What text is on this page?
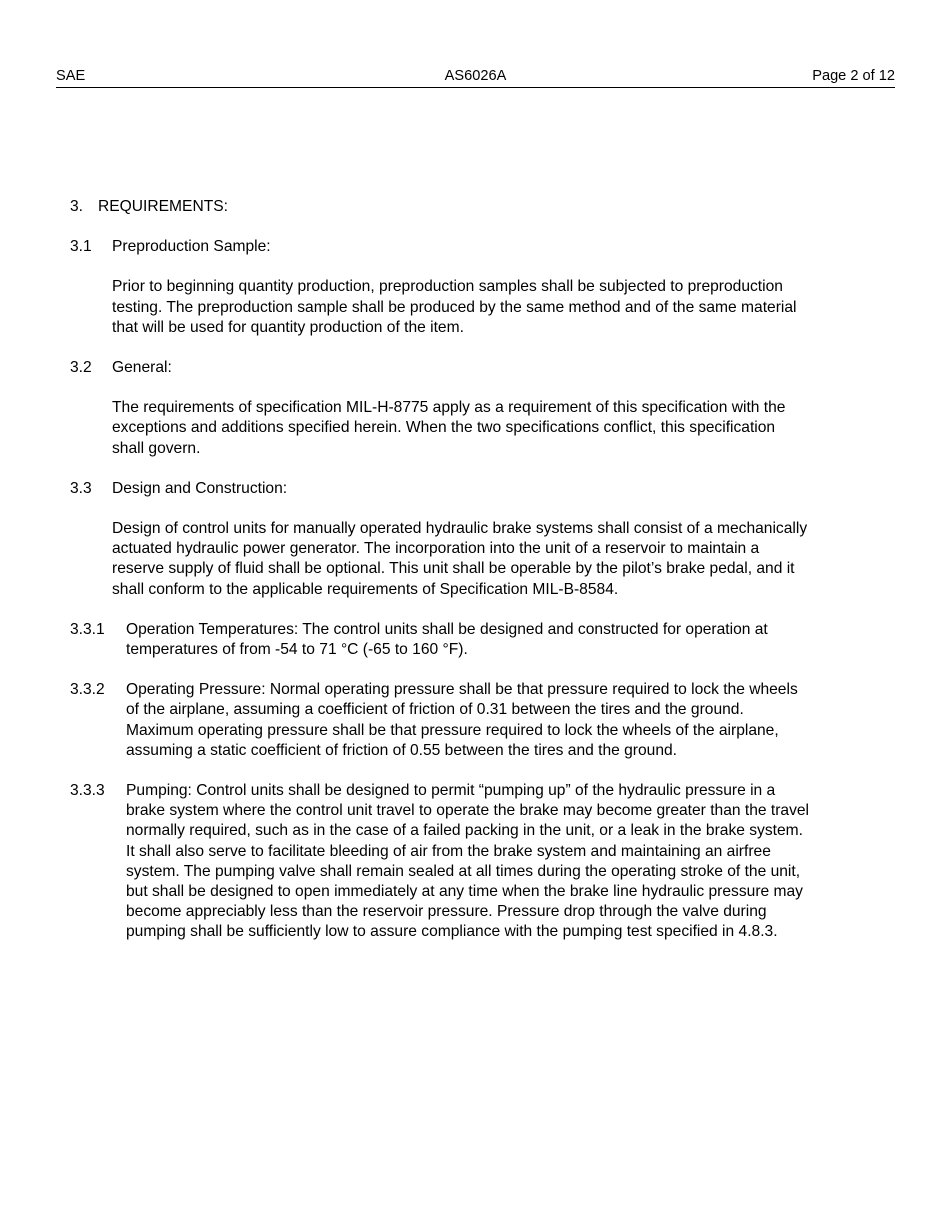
SAE	AS6026A	Page 2 of 12
3. REQUIREMENTS:
3.1	Preproduction Sample:
Prior to beginning quantity production, preproduction samples shall be subjected to preproduction
testing. The preproduction sample shall be produced by the same method and of the same material
that will be used for quantity production of the item.
3.2	General:
The requirements of specification MIL-H-8775 apply as a requirement of this specification with the
exceptions and additions specified herein. When the two specifications conflict, this specification
shall govern.
3.3	Design and Construction:
Design of control units for manually operated hydraulic brake systems shall consist of a mechanically
actuated hydraulic power generator. The incorporation into the unit of a reservoir to maintain a
reserve supply of fluid shall be optional. This unit shall be operable by the pilot’s brake pedal, and it
shall conform to the applicable requirements of Specification MIL-B-8584.
3.3.1	Operation Temperatures: The control units shall be designed and constructed for operation at
temperatures of from -54 to 71 °C (-65 to 160 °F).
3.3.2	Operating Pressure: Normal operating pressure shall be that pressure required to lock the wheels
of the airplane, assuming a coefficient of friction of 0.31 between the tires and the ground.
Maximum operating pressure shall be that pressure required to lock the wheels of the airplane,
assuming a static coefficient of friction of 0.55 between the tires and the ground.
3.3.3	Pumping: Control units shall be designed to permit “pumping up” of the hydraulic pressure in a
brake system where the control unit travel to operate the brake may become greater than the travel
normally required, such as in the case of a failed packing in the unit, or a leak in the brake system.
It shall also serve to facilitate bleeding of air from the brake system and maintaining an airfree
system. The pumping valve shall remain sealed at all times during the operating stroke of the unit,
but shall be designed to open immediately at any time when the brake line hydraulic pressure may
become appreciably less than the reservoir pressure. Pressure drop through the valve during
pumping shall be sufficiently low to assure compliance with the pumping test specified in 4.8.3.
